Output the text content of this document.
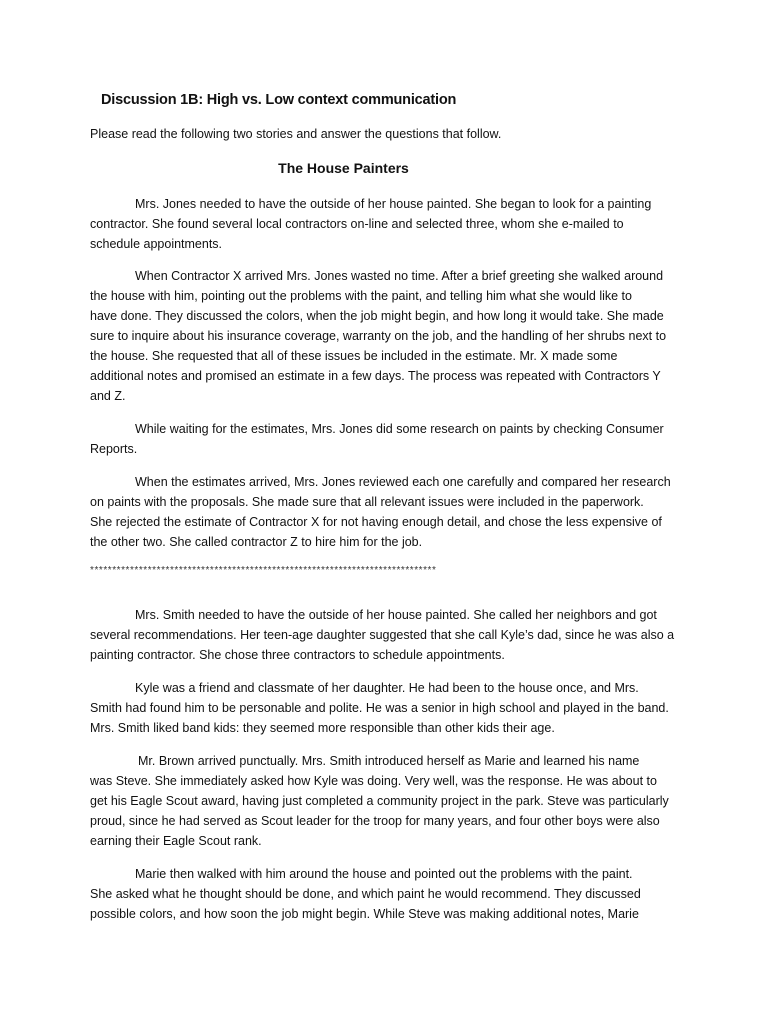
Discussion 1B: High vs. Low context communication
Please read the following two stories and answer the questions that follow.
The House Painters
Mrs. Jones needed to have the outside of her house painted. She began to look for a painting
contractor. She found several local contractors on-line and selected three, whom she e-mailed to
schedule appointments.
When Contractor X arrived Mrs. Jones wasted no time. After a brief greeting she walked around
the house with him, pointing out the problems with the paint, and telling him what she would like to
have done. They discussed the colors, when the job might begin, and how long it would take. She made
sure to inquire about his insurance coverage, warranty on the job, and the handling of her shrubs next to
the house. She requested that all of these issues be included in the estimate. Mr. X made some
additional notes and promised an estimate in a few days. The process was repeated with Contractors Y
and Z.
While waiting for the estimates, Mrs. Jones did some research on paints by checking Consumer
Reports.
When the estimates arrived, Mrs. Jones reviewed each one carefully and compared her research
on paints with the proposals. She made sure that all relevant issues were included in the paperwork.
She rejected the estimate of Contractor X for not having enough detail, and chose the less expensive of
the other two. She called contractor Z to hire him for the job.
******************************************************************************
Mrs. Smith needed to have the outside of her house painted. She called her neighbors and got
several recommendations. Her teen-age daughter suggested that she call Kyle’s dad, since he was also a
painting contractor. She chose three contractors to schedule appointments.
Kyle was a friend and classmate of her daughter. He had been to the house once, and Mrs.
Smith had found him to be personable and polite. He was a senior in high school and played in the band.
Mrs. Smith liked band kids: they seemed more responsible than other kids their age.
Mr. Brown arrived punctually. Mrs. Smith introduced herself as Marie and learned his name
was Steve. She immediately asked how Kyle was doing. Very well, was the response. He was about to
get his Eagle Scout award, having just completed a community project in the park. Steve was particularly
proud, since he had served as Scout leader for the troop for many years, and four other boys were also
earning their Eagle Scout rank.
Marie then walked with him around the house and pointed out the problems with the paint.
She asked what he thought should be done, and which paint he would recommend. They discussed
possible colors, and how soon the job might begin. While Steve was making additional notes, Marie
